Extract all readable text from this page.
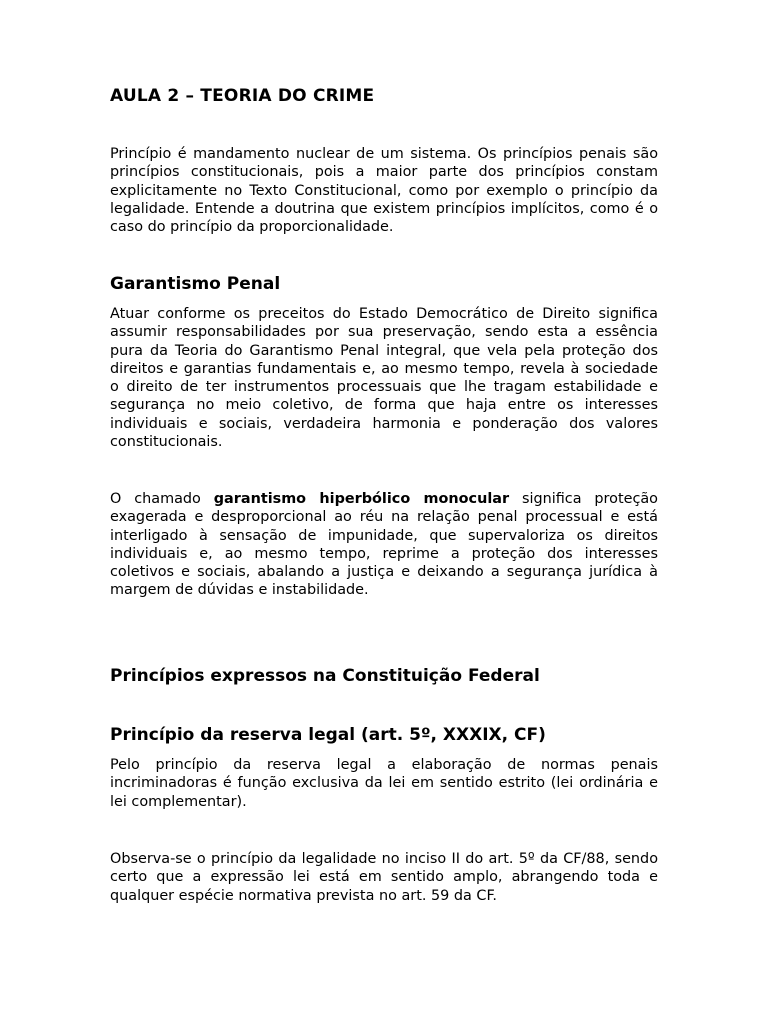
AULA 2 – TEORIA DO CRIME

Princípio é mandamento nuclear de um sistema. Os princípios penais são princípios constitucionais, pois a maior parte dos princípios constam explicitamente no Texto Constitucional, como por exemplo o princípio da legalidade. Entende a doutrina que existem princípios implícitos, como é o caso do princípio da proporcionalidade.

Garantismo Penal

Atuar conforme os preceitos do Estado Democrático de Direito significa assumir responsabilidades por sua preservação, sendo esta a essência pura da Teoria do Garantismo Penal integral, que vela pela proteção dos direitos e garantias fundamentais e, ao mesmo tempo, revela à sociedade o direito de ter instrumentos processuais que lhe tragam estabilidade e segurança no meio coletivo, de forma que haja entre os interesses individuais e sociais, verdadeira harmonia e ponderação dos valores constitucionais.

O chamado garantismo hiperbólico monocular significa proteção exagerada e desproporcional ao réu na relação penal processual e está interligado à sensação de impunidade, que supervaloriza os direitos individuais e, ao mesmo tempo, reprime a proteção dos interesses coletivos e sociais, abalando a justiça e deixando a segurança jurídica à margem de dúvidas e instabilidade.

Princípios expressos na Constituição Federal
Princípio da reserva legal (art. 5º, XXXIX, CF)

Pelo princípio da reserva legal a elaboração de normas penais incriminadoras é função exclusiva da lei em sentido estrito (lei ordinária e lei complementar).

Observa-se o princípio da legalidade no inciso II do art. 5º da CF/88, sendo certo que a expressão lei está em sentido amplo, abrangendo toda e qualquer espécie normativa prevista no art. 59 da CF.
